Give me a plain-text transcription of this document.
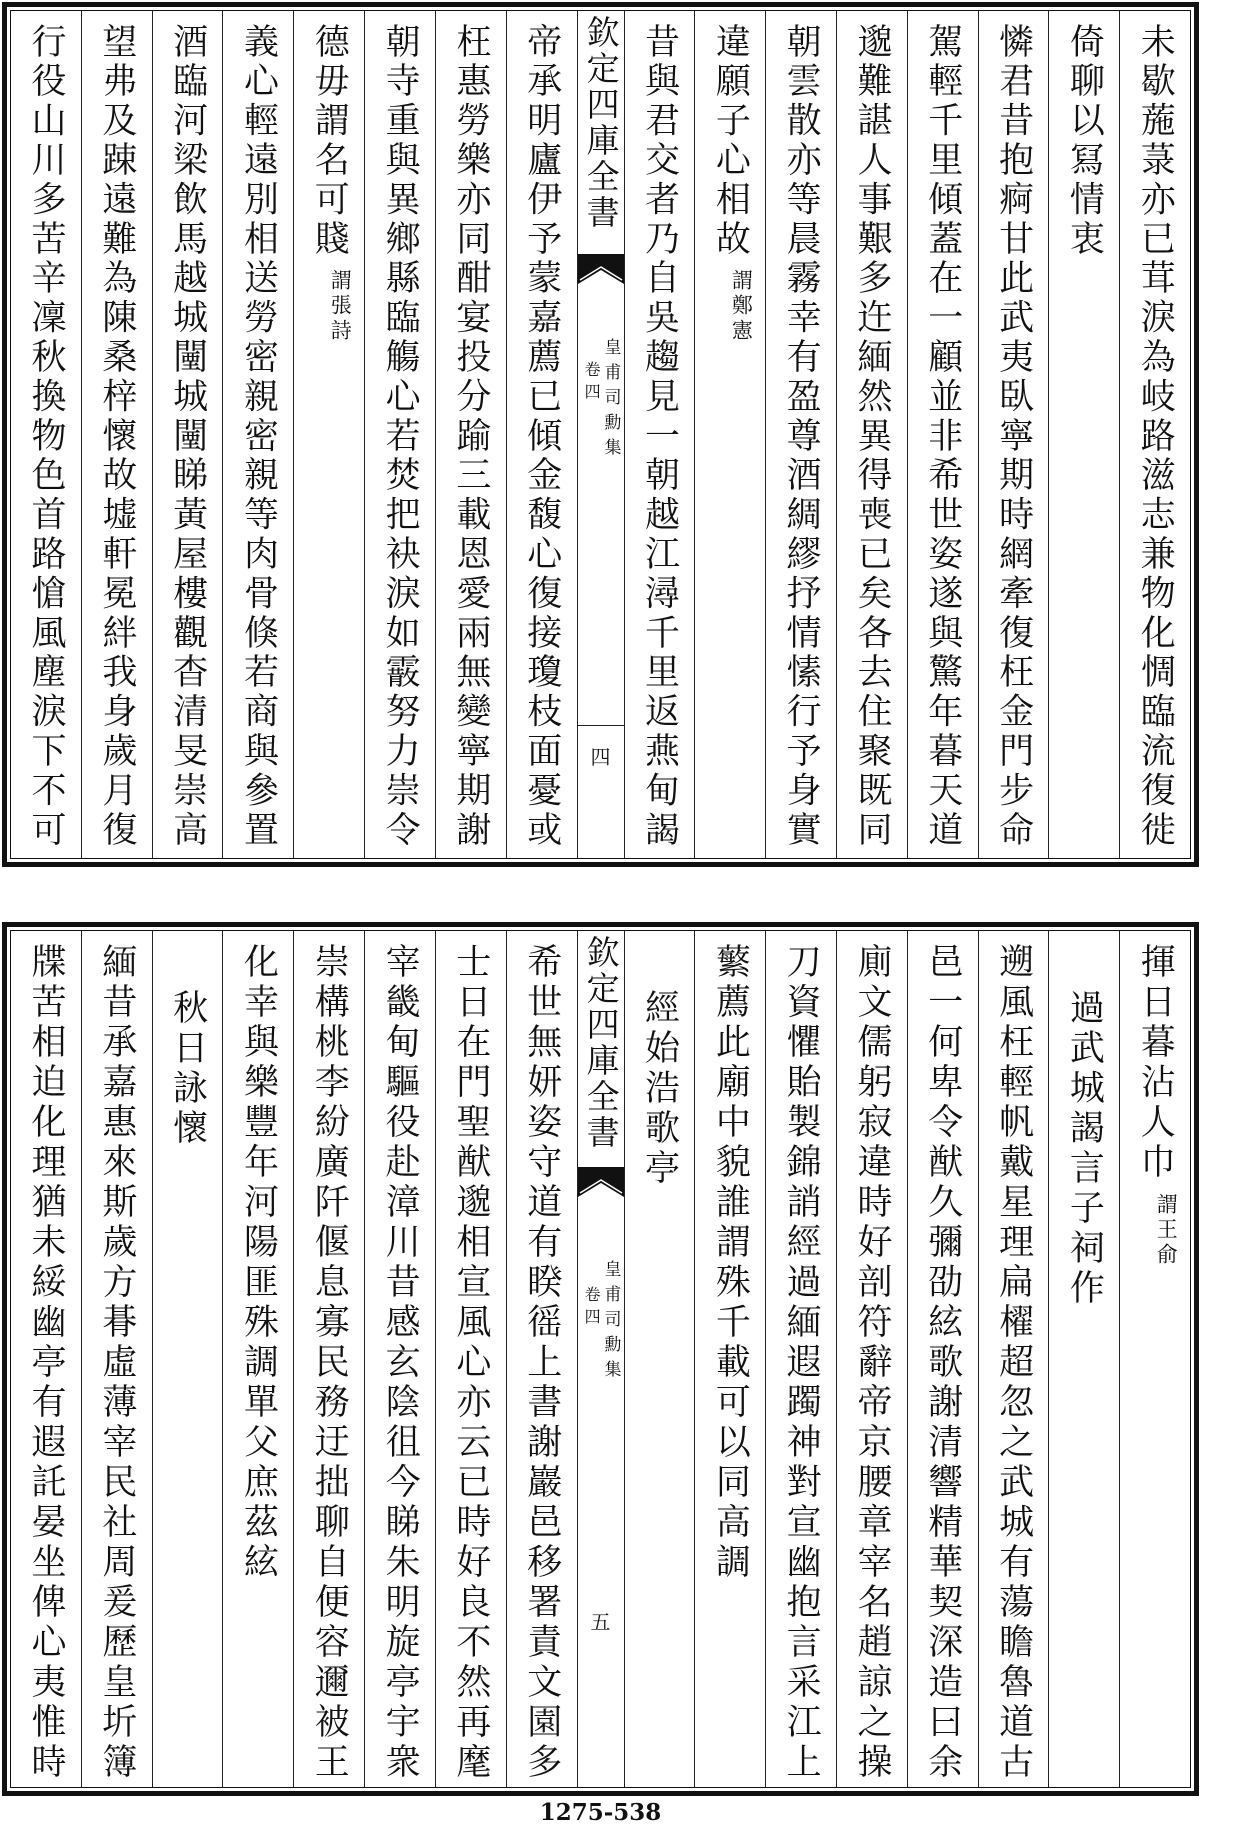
未歇葹菉亦已茸淚為岐路滋志兼物化惆臨流復徙
倚聊以冩情衷
憐君昔抱痾甘此武夷臥寧期時網牽復枉金門步命
駕輕千里傾蓋在一顧並非希世姿遂與驚年暮天道
邈難諶人事艱多迕緬然異得喪已矣各去住聚既同
朝雲散亦等晨霧幸有盈尊酒綢繆抒情愫行予身實
違願子心相故謂鄭憲
昔與君交者乃自吳趨見一朝越江潯千里返燕甸謁
欽定四庫全書
皇甫司勳集
卷四
四
帝承明廬伊予蒙嘉薦已傾金馥心復接瓊枝面憂或
枉惠勞樂亦同酣宴投分踰三載恩愛兩無變寧期謝
朝寺重與異鄉縣臨觴心若焚把袂淚如霰努力崇令
德毋謂名可賤謂張詩
義心輕遠別相送勞密親密親等肉骨倏若商與參置
酒臨河梁飲馬越城闉城闉睇黃屋樓觀杳清旻崇高
望弗及踈遠難為陳桑梓懷故墟軒冕絆我身歲月復
行役山川多苦辛凜秋換物色首路愴風塵淚下不可
揮日暮沾人巾謂王俞
過武城謁言子祠作
遡風枉輕帆戴星理扁櫂超忽之武城有蕩瞻魯道古
邑一何卑令猷久彌劭絃歌謝清響精華契深造曰余
廁文儒躬寂違時好剖符辭帝京腰章宰名趙諒之操
刀資懼貽製錦誚經過緬遐躅神對宣幽抱言采江上
蘩薦此廟中貌誰謂殊千載可以同高調
經始浩歌亭
欽定四庫全書
皇甫司勳集
卷四
五
希世無妍姿守道有睽徭上書謝巖邑移署責文園多
士日在門聖猷邈相宣風心亦云已時好良不然再麾
宰畿甸驅役赴漳川昔感玄陰徂今睇朱明旋亭宇衆
崇構桃李紛廣阡偃息寡民務迂拙聊自便容邇被王
化幸與樂豐年河陽匪殊調單父庶茲絃
秋日詠懷
緬昔承嘉惠來斯歲方朞虛薄宰民社周爰歷皇圻簿
牒苦相迫化理猶未綏幽亭有遐託晏坐俾心夷惟時
1275-538
